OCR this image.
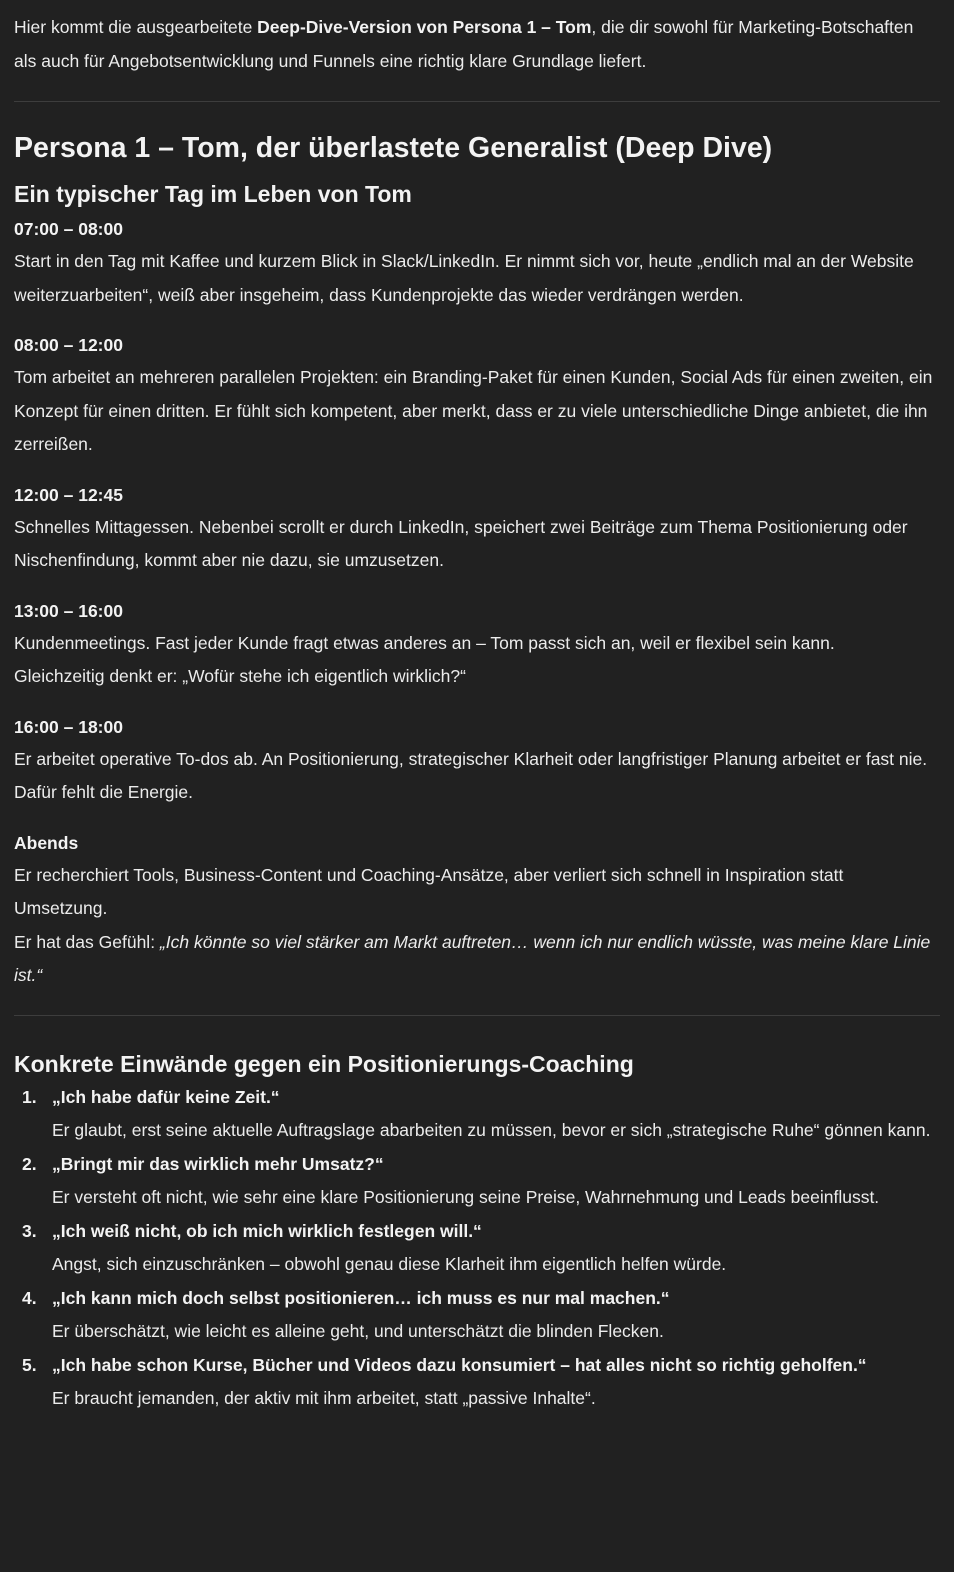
Hier kommt die ausgearbeitete Deep-Dive-Version von Persona 1 – Tom, die dir sowohl für Marketing-Botschaften als auch für Angebotsentwicklung und Funnels eine richtig klare Grundlage liefert.

Persona 1 – Tom, der überlastete Generalist (Deep Dive)
Ein typischer Tag im Leben von Tom
07:00 – 08:00
Start in den Tag mit Kaffee und kurzem Blick in Slack/LinkedIn. Er nimmt sich vor, heute „endlich mal an der Website weiterzuarbeiten“, weiß aber insgeheim, dass Kundenprojekte das wieder verdrängen werden.
08:00 – 12:00
Tom arbeitet an mehreren parallelen Projekten: ein Branding-Paket für einen Kunden, Social Ads für einen zweiten, ein Konzept für einen dritten. Er fühlt sich kompetent, aber merkt, dass er zu viele unterschiedliche Dinge anbietet, die ihn zerreißen.
12:00 – 12:45
Schnelles Mittagessen. Nebenbei scrollt er durch LinkedIn, speichert zwei Beiträge zum Thema Positionierung oder Nischenfindung, kommt aber nie dazu, sie umzusetzen.
13:00 – 16:00
Kundenmeetings. Fast jeder Kunde fragt etwas anderes an – Tom passt sich an, weil er flexibel sein kann.
Gleichzeitig denkt er: „Wofür stehe ich eigentlich wirklich?“
16:00 – 18:00
Er arbeitet operative To-dos ab. An Positionierung, strategischer Klarheit oder langfristiger Planung arbeitet er fast nie. Dafür fehlt die Energie.
Abends
Er recherchiert Tools, Business-Content und Coaching-Ansätze, aber verliert sich schnell in Inspiration statt Umsetzung.
Er hat das Gefühl: „Ich könnte so viel stärker am Markt auftreten… wenn ich nur endlich wüsste, was meine klare Linie ist.“
Konkrete Einwände gegen ein Positionierungs-Coaching
1. „Ich habe dafür keine Zeit.“
Er glaubt, erst seine aktuelle Auftragslage abarbeiten zu müssen, bevor er sich „strategische Ruhe“ gönnen kann.
2. „Bringt mir das wirklich mehr Umsatz?“
Er versteht oft nicht, wie sehr eine klare Positionierung seine Preise, Wahrnehmung und Leads beeinflusst.
3. „Ich weiß nicht, ob ich mich wirklich festlegen will.“
Angst, sich einzuschränken – obwohl genau diese Klarheit ihm eigentlich helfen würde.
4. „Ich kann mich doch selbst positionieren… ich muss es nur mal machen.“
Er überschätzt, wie leicht es alleine geht, und unterschätzt die blinden Flecken.
5. „Ich habe schon Kurse, Bücher und Videos dazu konsumiert – hat alles nicht so richtig geholfen.“
Er braucht jemanden, der aktiv mit ihm arbeitet, statt „passive Inhalte“.
